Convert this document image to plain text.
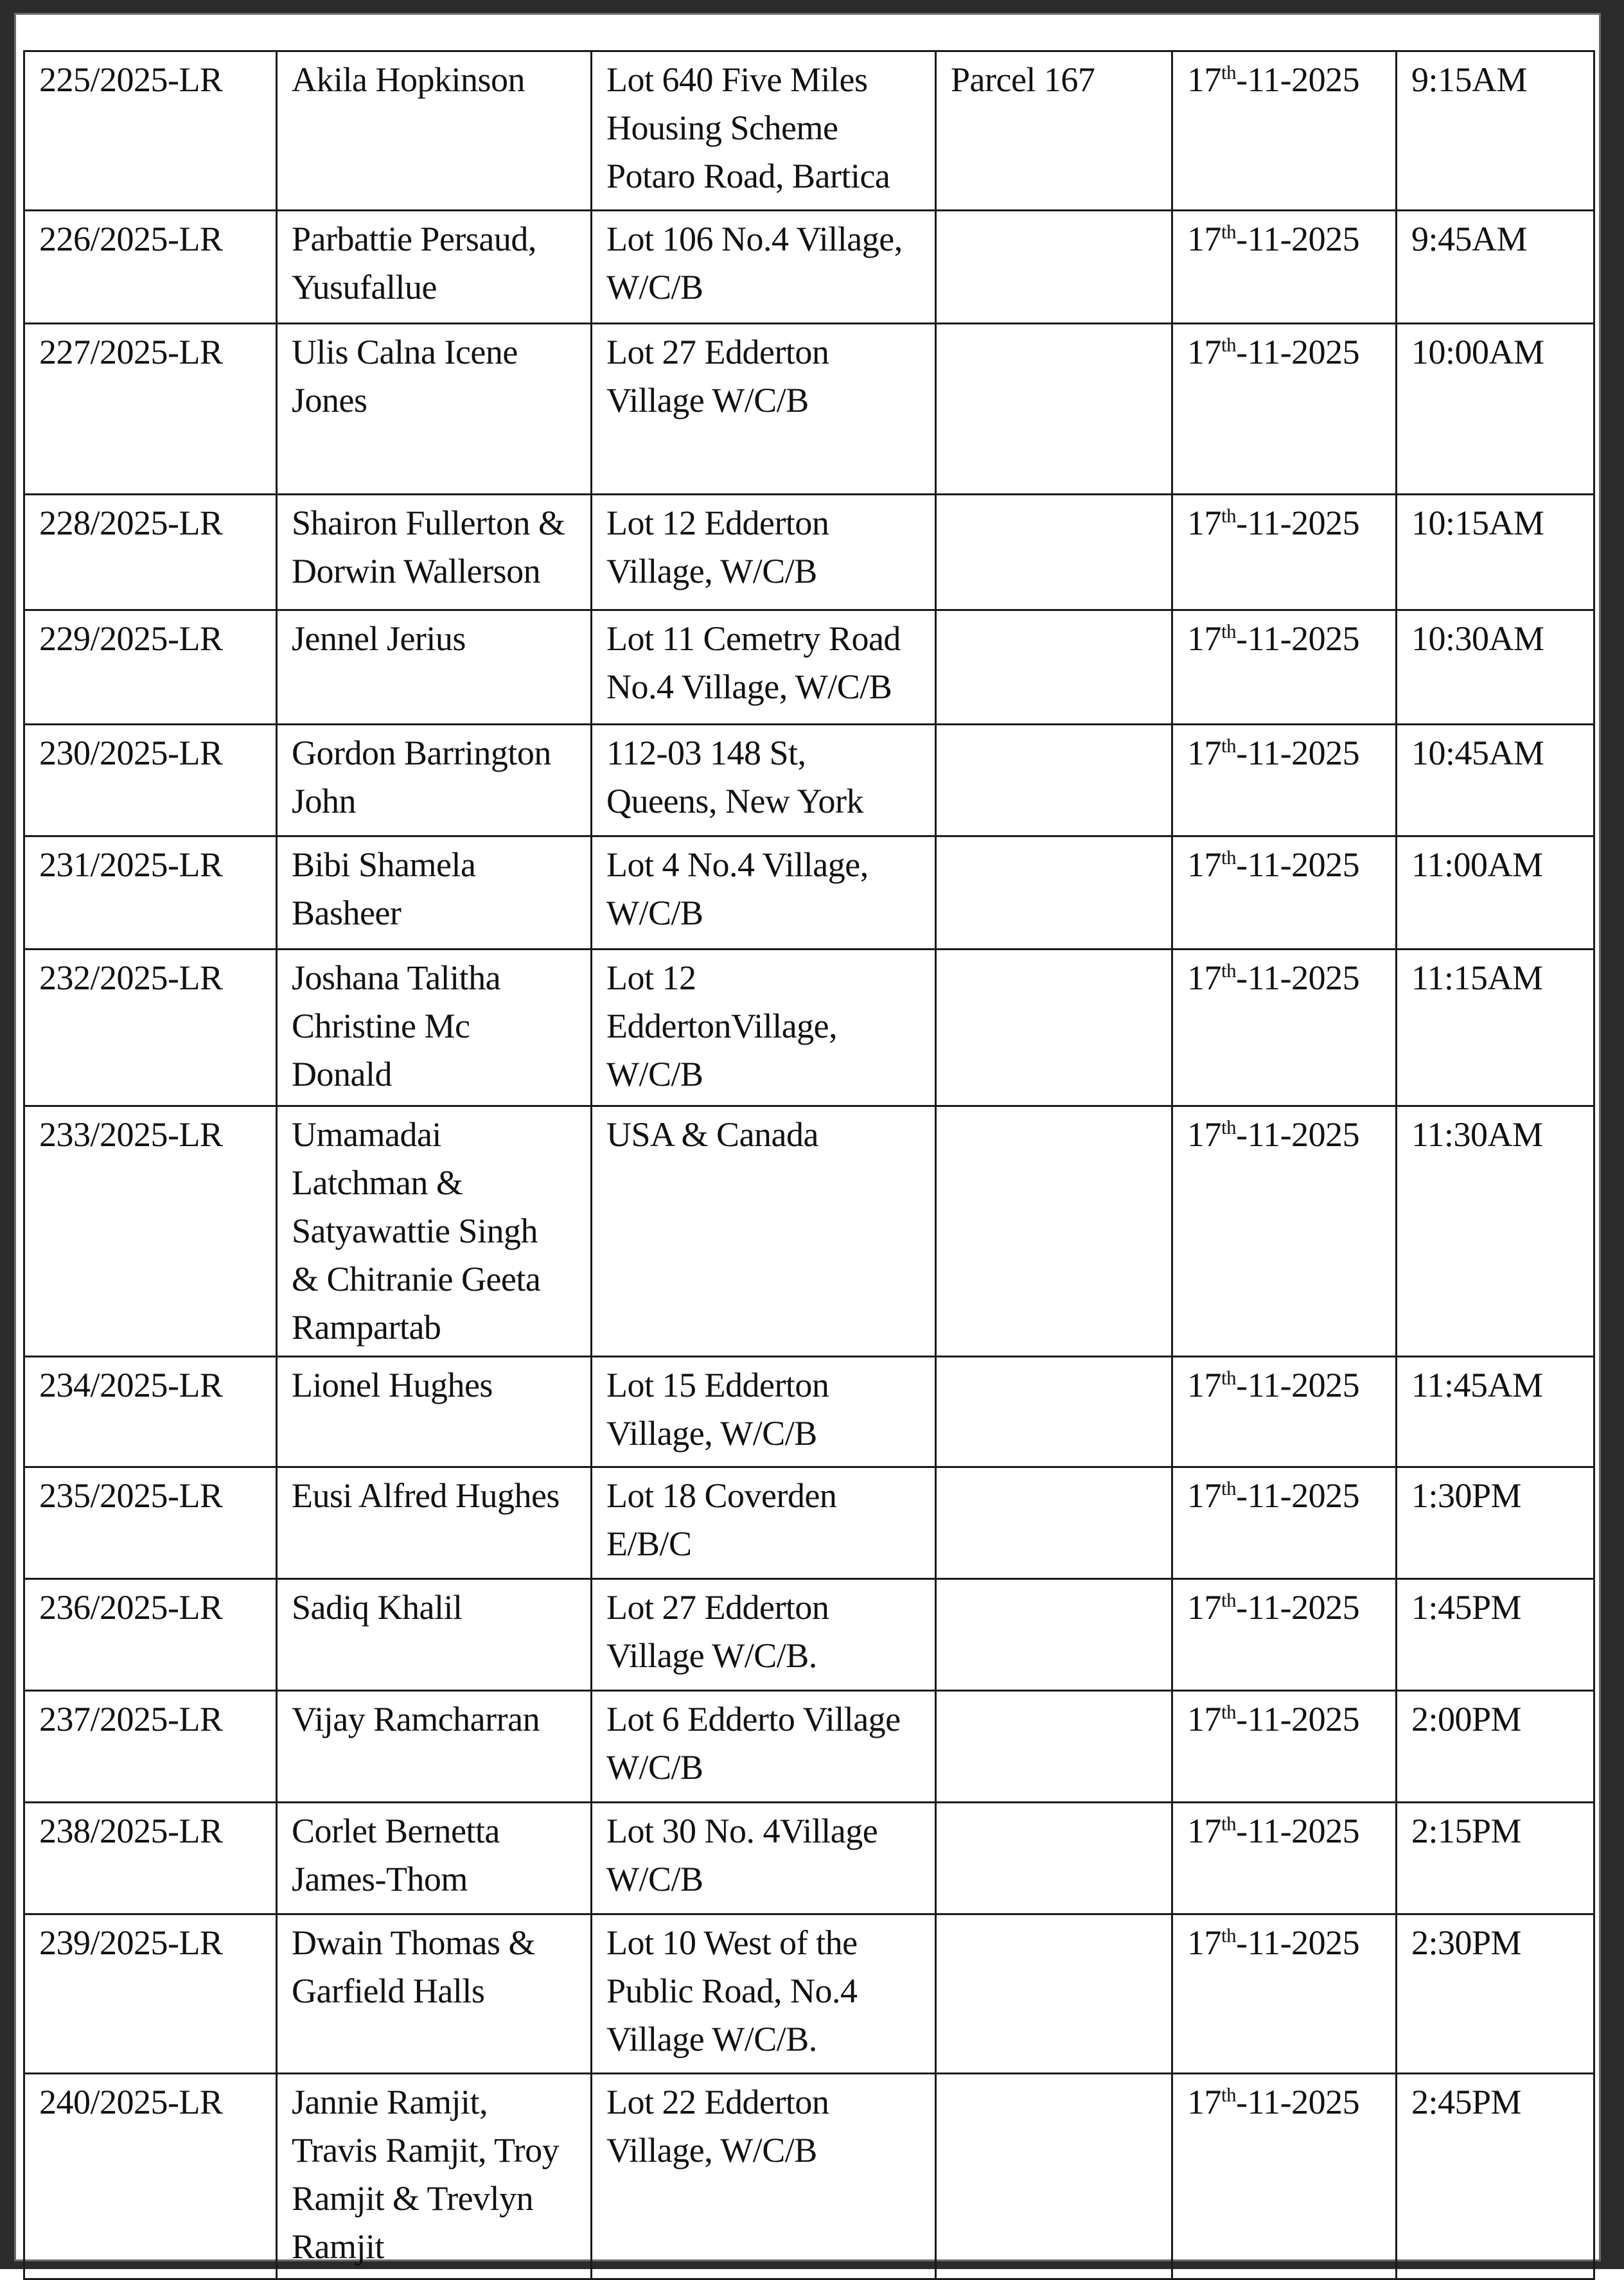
225/2025-LR	Akila Hopkinson	Lot 640 Five Miles
Housing Scheme
Potaro Road, Bartica	Parcel 167	17th-11-2025	9:15AM
226/2025-LR	Parbattie Persaud,
Yusufallue	Lot 106 No.4 Village,
W/C/B		17th-11-2025	9:45AM
227/2025-LR	Ulis Calna Icene
Jones	Lot 27 Edderton
Village W/C/B		17th-11-2025	10:00AM
228/2025-LR	Shairon Fullerton &
Dorwin Wallerson	Lot 12 Edderton
Village, W/C/B		17th-11-2025	10:15AM
229/2025-LR	Jennel Jerius	Lot 11 Cemetry Road
No.4 Village, W/C/B		17th-11-2025	10:30AM
230/2025-LR	Gordon Barrington
John	112-03 148 St,
Queens, New York		17th-11-2025	10:45AM
231/2025-LR	Bibi Shamela
Basheer	Lot 4 No.4 Village,
W/C/B		17th-11-2025	11:00AM
232/2025-LR	Joshana Talitha
Christine Mc
Donald	Lot 12
EddertonVillage,
W/C/B		17th-11-2025	11:15AM
233/2025-LR	Umamadai
Latchman &
Satyawattie Singh
& Chitranie Geeta
Rampartab	USA & Canada		17th-11-2025	11:30AM
234/2025-LR	Lionel Hughes	Lot 15 Edderton
Village, W/C/B		17th-11-2025	11:45AM
235/2025-LR	Eusi Alfred Hughes	Lot 18 Coverden
E/B/C		17th-11-2025	1:30PM
236/2025-LR	Sadiq Khalil	Lot 27 Edderton
Village W/C/B.		17th-11-2025	1:45PM
237/2025-LR	Vijay Ramcharran	Lot 6 Edderto Village
W/C/B		17th-11-2025	2:00PM
238/2025-LR	Corlet Bernetta
James-Thom	Lot 30 No. 4Village
W/C/B		17th-11-2025	2:15PM
239/2025-LR	Dwain Thomas &
Garfield Halls	Lot 10 West of the
Public Road, No.4
Village W/C/B.		17th-11-2025	2:30PM
240/2025-LR	Jannie Ramjit,
Travis Ramjit, Troy
Ramjit & Trevlyn
Ramjit	Lot 22 Edderton
Village, W/C/B		17th-11-2025	2:45PM
